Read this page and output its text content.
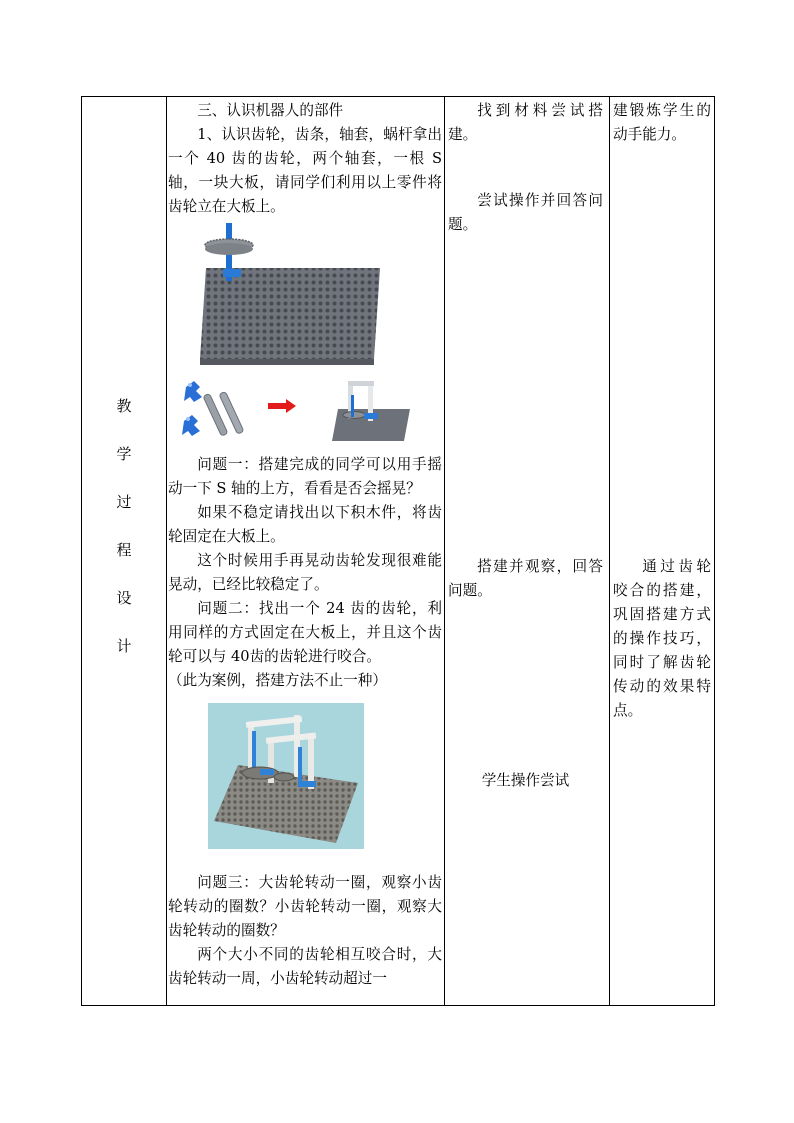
教
学
过
程
设
计

三、认识机器人的部件

1、认识齿轮，齿条，轴套，蜗杆拿出一个 40 齿的齿轮，两个轴套，一根 S 轴，一块大板，请同学们利用以上零件将齿轮立在大板上。

问题一：搭建完成的同学可以用手摇动一下 S 轴的上方，看看是否会摇晃？

如果不稳定请找出以下积木件，将齿轮固定在大板上。

这个时候用手再晃动齿轮发现很难能晃动，已经比较稳定了。

问题二：找出一个 24 齿的齿轮，利用同样的方式固定在大板上，并且这个齿轮可以与 40齿的齿轮进行咬合。

（此为案例，搭建方法不止一种）

问题三：大齿轮转动一圈，观察小齿轮转动的圈数？小齿轮转动一圈，观察大齿轮转动的圈数？

两个大小不同的齿轮相互咬合时，大齿轮转动一周，小齿轮转动超过一

找到材料尝试搭建。

尝试操作并回答问题。

搭建并观察，回答问题。

学生操作尝试

建锻炼学生的动手能力。

通过齿轮咬合的搭建，巩固搭建方式的操作技巧，同时了解齿轮传动的效果特点。
